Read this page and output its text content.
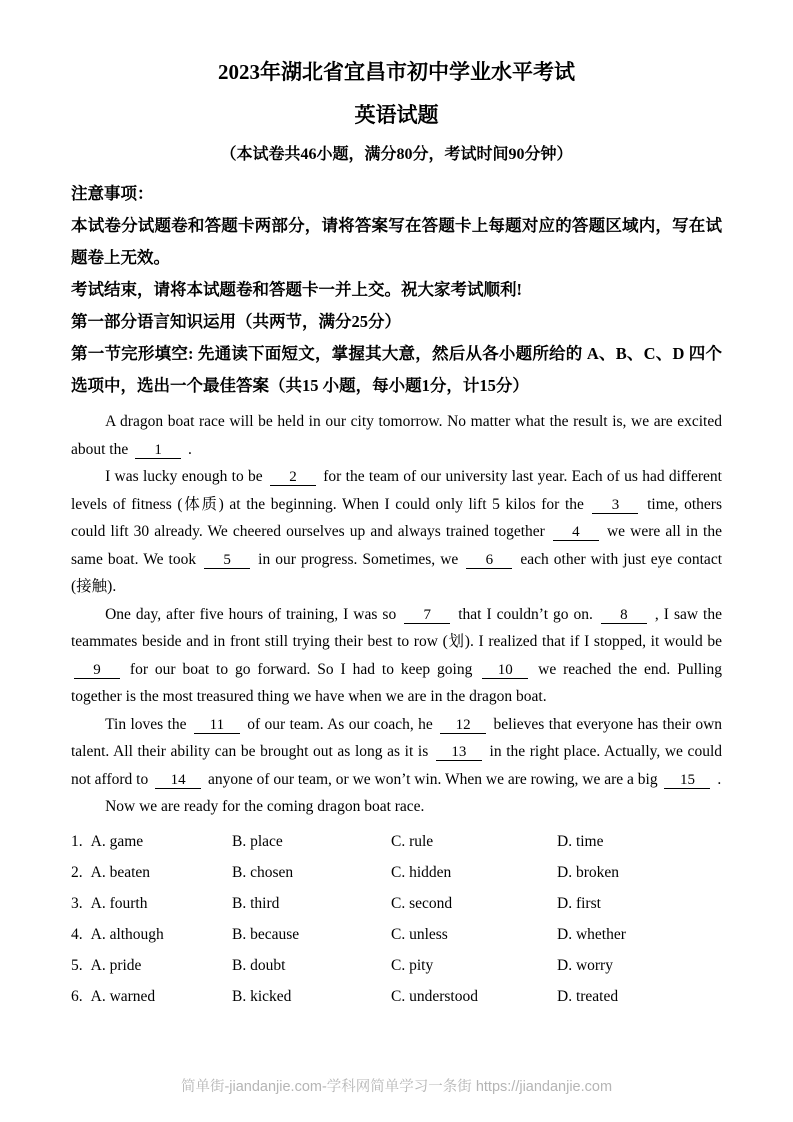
2023年湖北省宜昌市初中学业水平考试
英语试题
（本试卷共46小题，满分80分，考试时间90分钟）

注意事项：

本试卷分试题卷和答题卡两部分，请将答案写在答题卡上每题对应的答题区域内，写在试题卷上无效。

考试结束，请将本试题卷和答题卡一并上交。祝大家考试顺利!

第一部分语言知识运用（共两节，满分25分）

第一节完形填空: 先通读下面短文，掌握其大意，然后从各小题所给的 A、B、C、D 四个选项中，选出一个最佳答案（共15 小题，每小题1分，计15分）

A dragon boat race will be held in our city tomorrow. No matter what the result is, we are excited about the 1 .

I was lucky enough to be 2 for the team of our university last year. Each of us had different levels of fitness (体质) at the beginning. When I could only lift 5 kilos for the 3 time, others could lift 30 already. We cheered ourselves up and always trained together 4 we were all in the same boat. We took 5 in our progress. Sometimes, we 6 each other with just eye contact (接触).

One day, after five hours of training, I was so 7 that I couldn’t go on. 8 , I saw the teammates beside and in front still trying their best to row (划). I realized that if I stopped, it would be 9 for our boat to go forward. So I had to keep going 10 we reached the end. Pulling together is the most treasured thing we have when we are in the dragon boat.

Tin loves the 11 of our team. As our coach, he 12 believes that everyone has their own talent. All their ability can be brought out as long as it is 13 in the right place. Actually, we could not afford to 14 anyone of our team, or we won’t win. When we are rowing, we are a big 15 .

Now we are ready for the coming dragon boat race.

1. A. game	B. place	C. rule	D. time
2. A. beaten	B. chosen	C. hidden	D. broken
3. A. fourth	B. third	C. second	D. first
4. A. although	B. because	C. unless	D. whether
5. A. pride	B. doubt	C. pity	D. worry
6. A. warned	B. kicked	C. understood	D. treated
简单街-jiandanjie.com-学科网简单学习一条街 https://jiandanjie.com
